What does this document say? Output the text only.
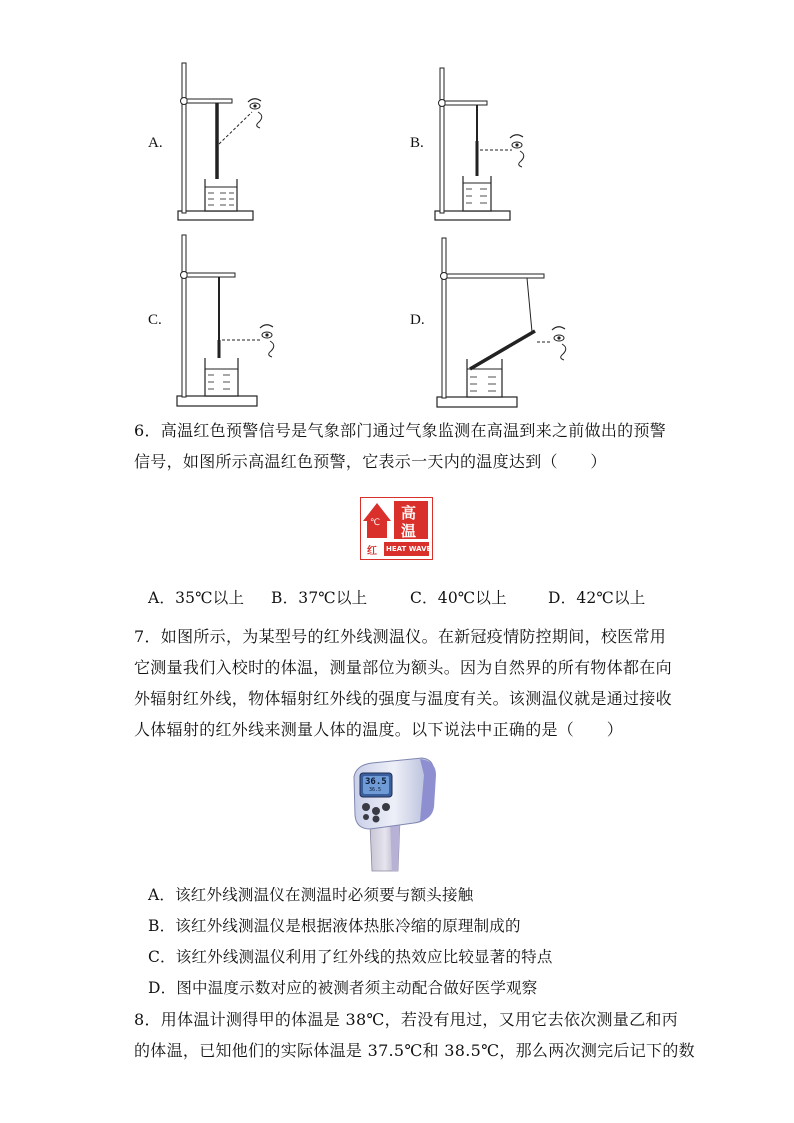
A.	B.
C.	D.
6．高温红色预警信号是气象部门通过气象监测在高温到来之前做出的预警
信号，如图所示高温红色预警，它表示一天内的温度达到（　　）
℃
高
温
红 HEAT WAVE
A．35℃以上 B．37℃以上	C．40℃以上	D．42℃以上
7．如图所示，为某型号的红外线测温仪。在新冠疫情防控期间，校医常用
它测量我们入校时的体温，测量部位为额头。因为自然界的所有物体都在向
外辐射红外线，物体辐射红外线的强度与温度有关。该测温仪就是通过接收
人体辐射的红外线来测量人体的温度。以下说法中正确的是（　　）
36.5
36.5
A．该红外线测温仪在测温时必须要与额头接触
B．该红外线测温仪是根据液体热胀冷缩的原理制成的
C．该红外线测温仪利用了红外线的热效应比较显著的特点
D．图中温度示数对应的被测者须主动配合做好医学观察
8．用体温计测得甲的体温是 38℃，若没有甩过，又用它去依次测量乙和丙
的体温，已知他们的实际体温是 37.5℃和 38.5℃，那么两次测完后记下的数
